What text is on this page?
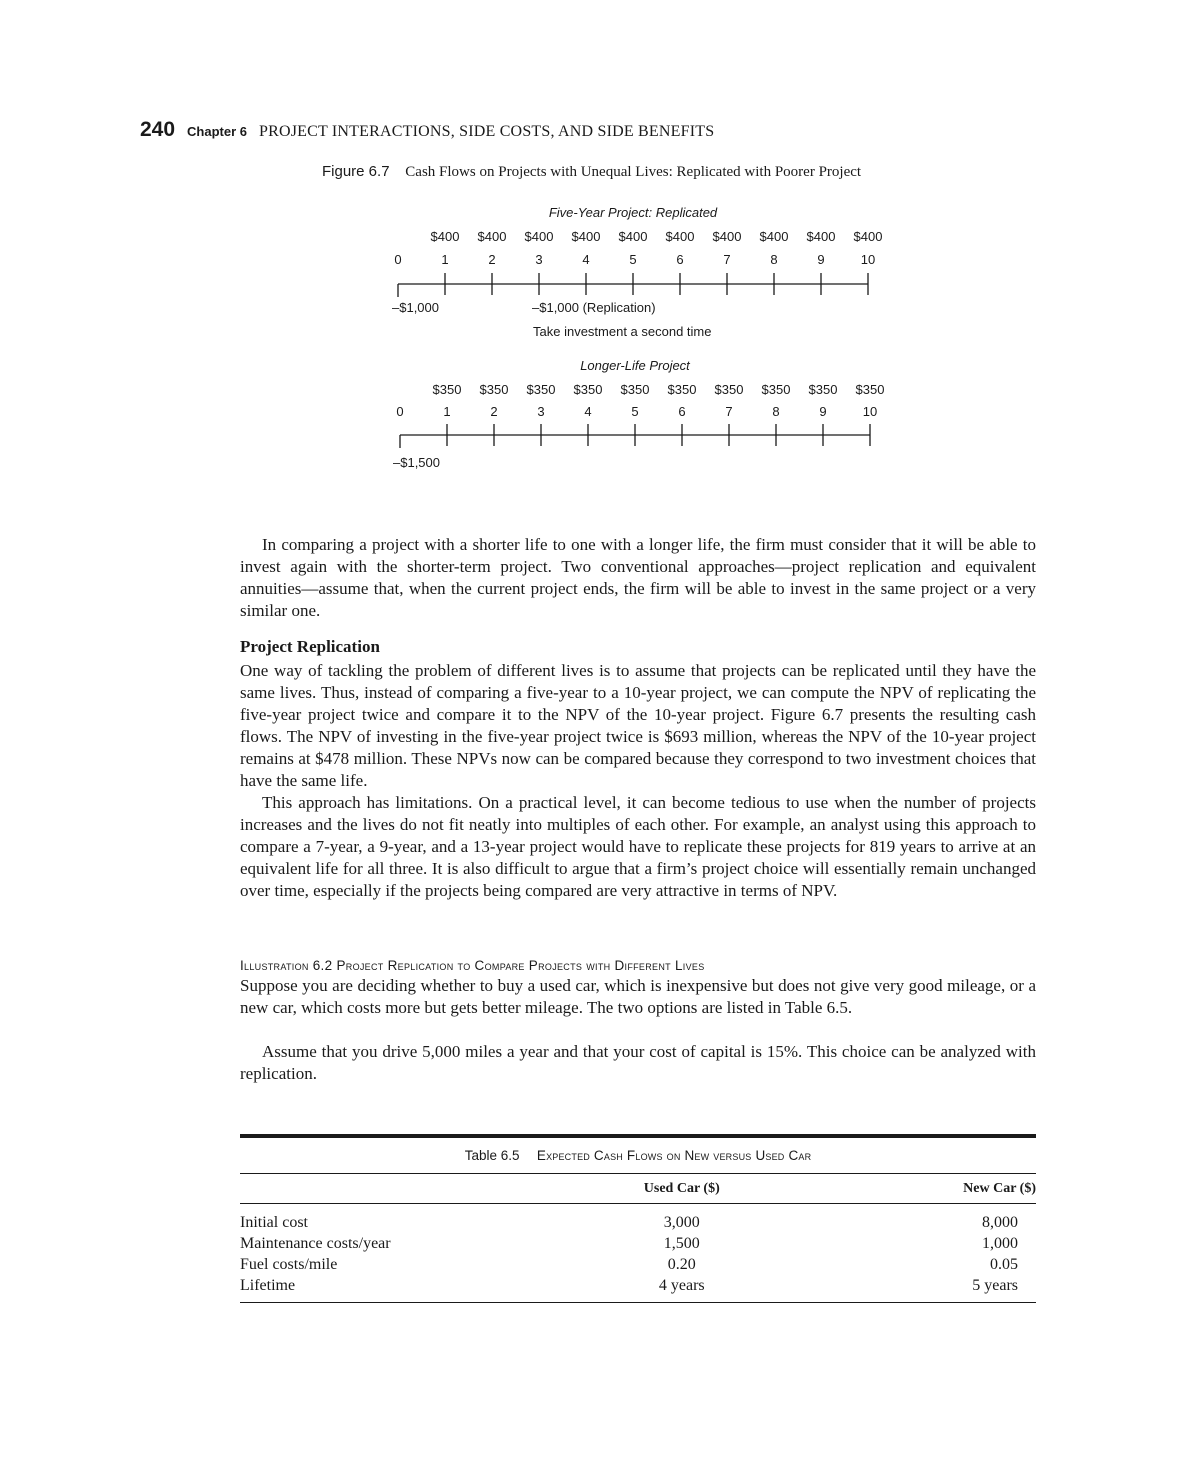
240 Chapter 6 PROJECT INTERACTIONS, SIDE COSTS, AND SIDE BENEFITS
Figure 6.7 Cash Flows on Projects with Unequal Lives: Replicated with Poorer Project
Five-Year Project: Replicated
$400 $400 $400 $400 $400 $400 $400 $400 $400 $400
0	1	2	3	4	5	6	7	8	9	10
–$1,000	–$1,000 (Replication)
Take investment a second time
Longer-Life Project
$350 $350 $350 $350 $350 $350 $350 $350 $350 $350
0	1	2	3	4	5	6	7	8	9	10
–$1,500

In comparing a project with a shorter life to one with a longer life, the firm must consider that it will be able to invest again with the shorter-term project. Two conventional approaches—project replication and equivalent annuities—assume that, when the current project ends, the firm will be able to invest in the same project or a very similar one.

Project Replication

One way of tackling the problem of different lives is to assume that projects can be replicated until they have the same lives. Thus, instead of comparing a five-year to a 10-year project, we can compute the NPV of replicating the five-year project twice and compare it to the NPV of the 10-year project. Figure 6.7 presents the resulting cash flows. The NPV of investing in the five-year project twice is $693 million, whereas the NPV of the 10-year project remains at $478 million. These NPVs now can be compared because they correspond to two investment choices that have the same life.

This approach has limitations. On a practical level, it can become tedious to use when the number of projects increases and the lives do not fit neatly into multiples of each other. For example, an analyst using this approach to compare a 7-year, a 9-year, and a 13-year project would have to replicate these projects for 819 years to arrive at an equivalent life for all three. It is also difficult to argue that a firm’s project choice will essentially remain unchanged over time, especially if the projects being compared are very attractive in terms of NPV.

Illustration 6.2 Project Replication to Compare Projects with Different Lives

Suppose you are deciding whether to buy a used car, which is inexpensive but does not give very good mileage, or a new car, which costs more but gets better mileage. The two options are listed in Table 6.5.

Assume that you drive 5,000 miles a year and that your cost of capital is 15%. This choice can be analyzed with replication.

Table 6.5 Expected Cash Flows on New versus Used Car
	Used Car ($)	New Car ($)
Initial cost	3,000	8,000
Maintenance costs/year	1,500	1,000
Fuel costs/mile	0.20	0.05
Lifetime	4 years	5 years
